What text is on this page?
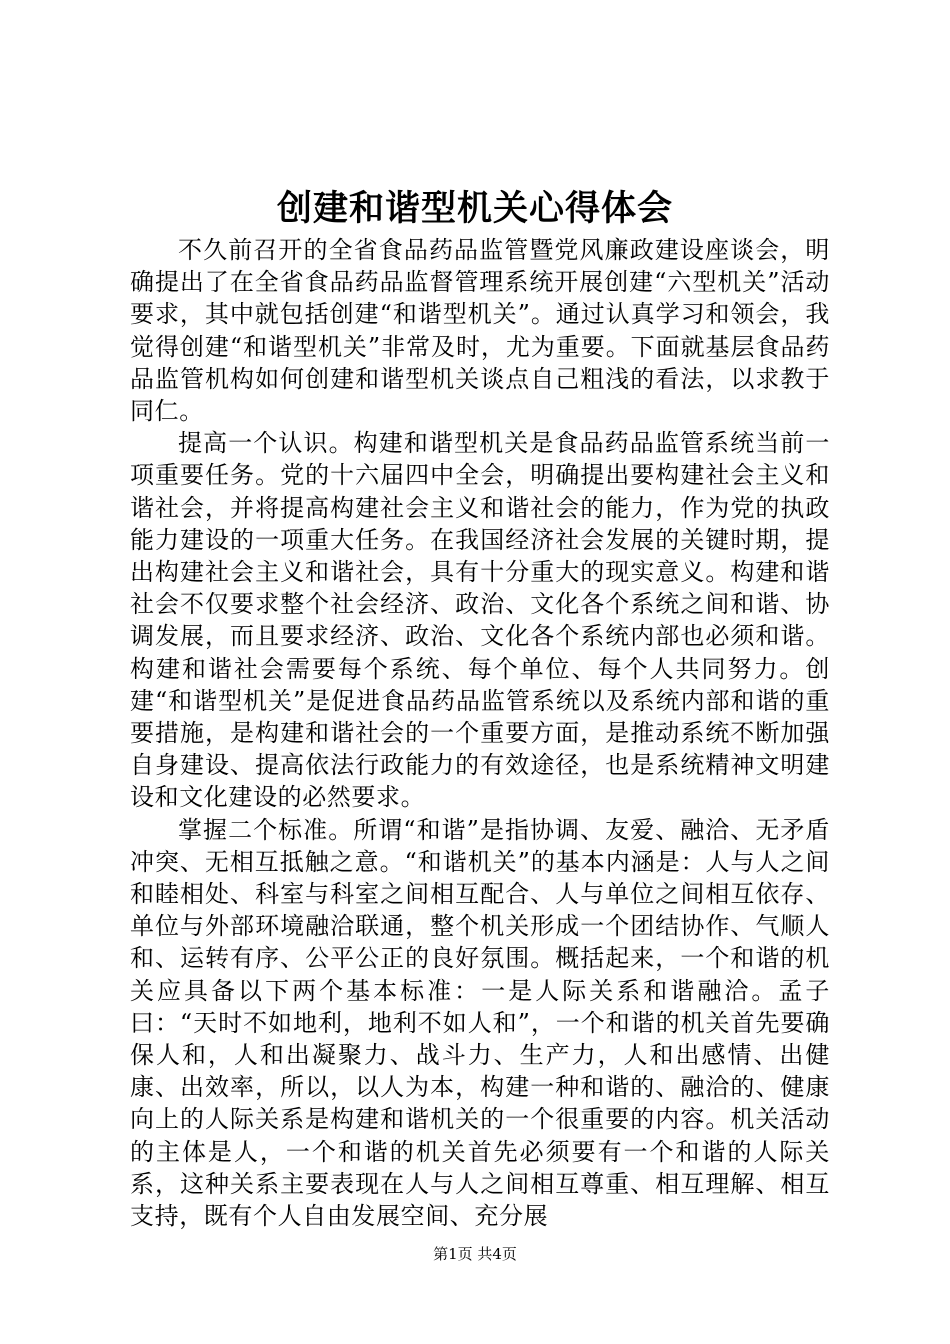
创建和谐型机关心得体会

不久前召开的全省食品药品监管暨党风廉政建设座谈会，明确提出了在全省食品药品监督管理系统开展创建“六型机关”活动要求，其中就包括创建“和谐型机关”。通过认真学习和领会，我觉得创建“和谐型机关”非常及时，尤为重要。下面就基层食品药品监管机构如何创建和谐型机关谈点自己粗浅的看法，以求教于同仁。

提高一个认识。构建和谐型机关是食品药品监管系统当前一项重要任务。党的十六届四中全会，明确提出要构建社会主义和谐社会，并将提高构建社会主义和谐社会的能力，作为党的执政能力建设的一项重大任务。在我国经济社会发展的关键时期，提出构建社会主义和谐社会，具有十分重大的现实意义。构建和谐社会不仅要求整个社会经济、政治、文化各个系统之间和谐、协调发展，而且要求经济、政治、文化各个系统内部也必须和谐。构建和谐社会需要每个系统、每个单位、每个人共同努力。创建“和谐型机关”是促进食品药品监管系统以及系统内部和谐的重要措施，是构建和谐社会的一个重要方面，是推动系统不断加强自身建设、提高依法行政能力的有效途径，也是系统精神文明建设和文化建设的必然要求。

掌握二个标准。所谓“和谐”是指协调、友爱、融洽、无矛盾冲突、无相互抵触之意。“和谐机关”的基本内涵是：人与人之间和睦相处、科室与科室之间相互配合、人与单位之间相互依存、单位与外部环境融洽联通，整个机关形成一个团结协作、气顺人和、运转有序、公平公正的良好氛围。概括起来，一个和谐的机关应具备以下两个基本标准：一是人际关系和谐融洽。孟子曰：“天时不如地利，地利不如人和”，一个和谐的机关首先要确保人和，人和出凝聚力、战斗力、生产力，人和出感情、出健康、出效率，所以，以人为本，构建一种和谐的、融洽的、健康向上的人际关系是构建和谐机关的一个很重要的内容。机关活动的主体是人，一个和谐的机关首先必须要有一个和谐的人际关系，这种关系主要表现在人与人之间相互尊重、相互理解、相互支持，既有个人自由发展空间、充分展

第1页 共4页
